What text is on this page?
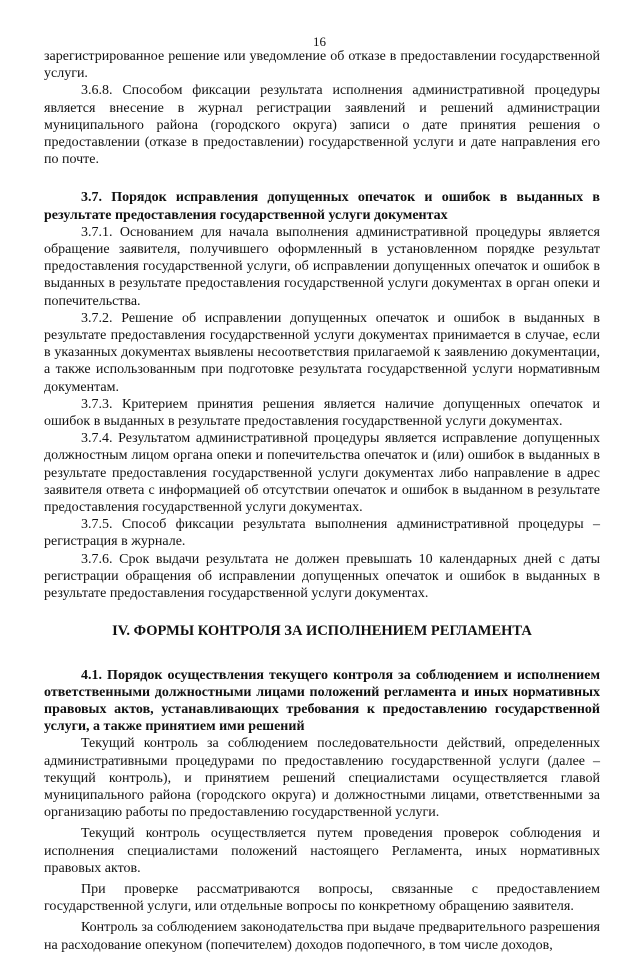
16

зарегистрированное решение или уведомление об отказе в предоставлении государственной услуги.

3.6.8. Способом фиксации результата исполнения административной процедуры является внесение в журнал регистрации заявлений и решений администрации муниципального района (городского округа) записи о дате принятия решения о предоставлении (отказе в предоставлении) государственной услуги и дате направления его по почте.

3.7. Порядок исправления допущенных опечаток и ошибок в выданных в результате предоставления государственной услуги документах

3.7.1. Основанием для начала выполнения административной процедуры является обращение заявителя, получившего оформленный в установленном порядке результат предоставления государственной услуги, об исправлении допущенных опечаток и ошибок в выданных в результате предоставления государственной услуги документах в орган опеки и попечительства.

3.7.2. Решение об исправлении допущенных опечаток и ошибок в выданных в результате предоставления государственной услуги документах принимается в случае, если в указанных документах выявлены несоответствия прилагаемой к заявлению документации, а также использованным при подготовке результата государственной услуги нормативным документам.

3.7.3. Критерием принятия решения является наличие допущенных опечаток и ошибок в выданных в результате предоставления государственной услуги документах.

3.7.4. Результатом административной процедуры является исправление допущенных должностным лицом органа опеки и попечительства опечаток и (или) ошибок в выданных в результате предоставления государственной услуги документах либо направление в адрес заявителя ответа с информацией об отсутствии опечаток и ошибок в выданном в результате предоставления государственной услуги документах.

3.7.5. Способ фиксации результата выполнения административной процедуры – регистрация в журнале.

3.7.6. Срок выдачи результата не должен превышать 10 календарных дней с даты регистрации обращения об исправлении допущенных опечаток и ошибок в выданных в результате предоставления государственной услуги документах.

IV. ФОРМЫ КОНТРОЛЯ ЗА ИСПОЛНЕНИЕМ РЕГЛАМЕНТА

4.1. Порядок осуществления текущего контроля за соблюдением и исполнением ответственными должностными лицами положений регламента и иных нормативных правовых актов, устанавливающих требования к предоставлению государственной услуги, а также принятием ими решений

Текущий контроль за соблюдением последовательности действий, определенных административными процедурами по предоставлению государственной услуги (далее – текущий контроль), и принятием решений специалистами осуществляется главой муниципального района (городского округа) и должностными лицами, ответственными за организацию работы по предоставлению государственной услуги.

Текущий контроль осуществляется путем проведения проверок соблюдения и исполнения специалистами положений настоящего Регламента, иных нормативных правовых актов.

При проверке рассматриваются вопросы, связанные с предоставлением государственной услуги, или отдельные вопросы по конкретному обращению заявителя.

Контроль за соблюдением законодательства при выдаче предварительного разрешения на расходование опекуном (попечителем) доходов подопечного, в том числе доходов,
